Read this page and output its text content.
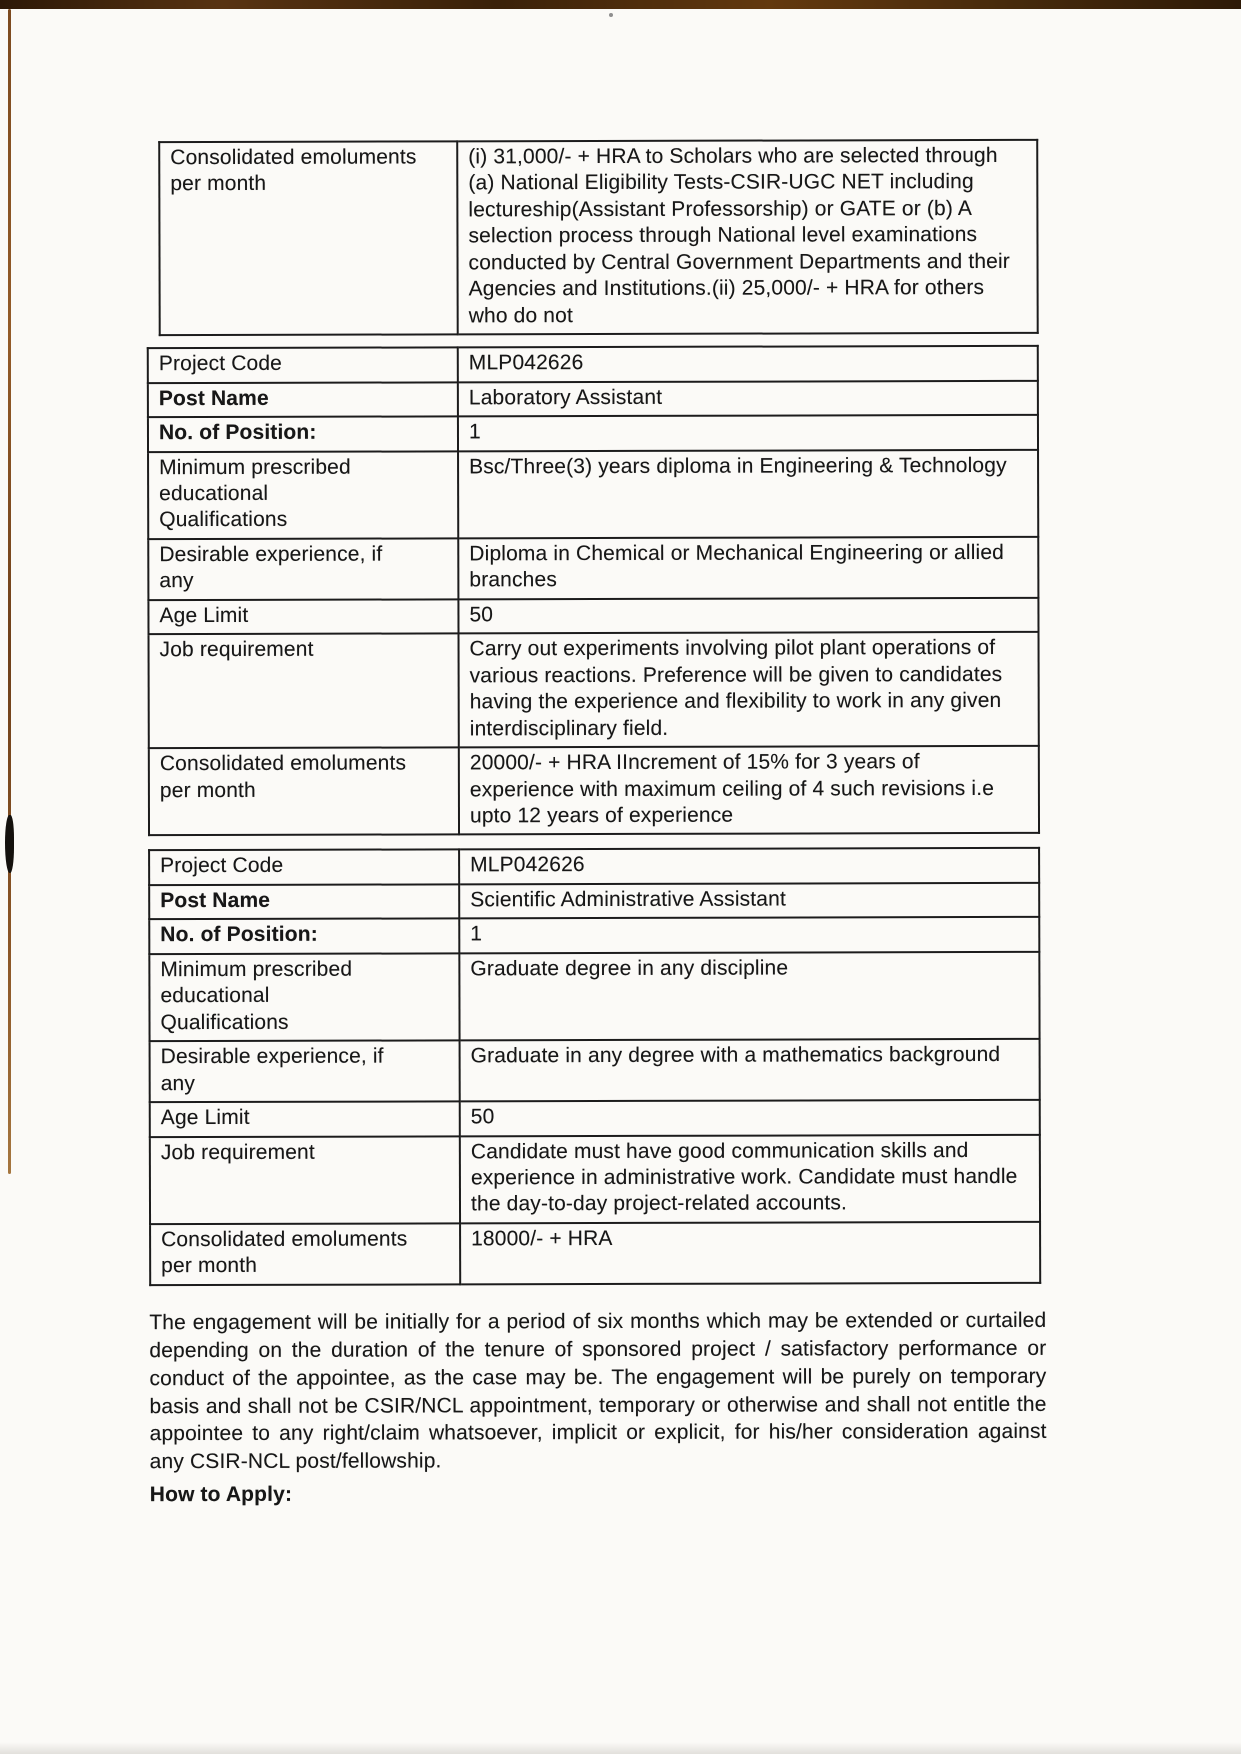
Consolidated emoluments
per month	(i) 31,000/- + HRA to Scholars who are selected through (a) National Eligibility Tests-CSIR-UGC NET including lectureship(Assistant Professorship) or GATE or (b) A selection process through National level examinations conducted by Central Government Departments and their Agencies and Institutions.(ii) 25,000/- + HRA for others who do not
Project Code	MLP042626
Post Name	Laboratory Assistant
No. of Position:	1
Minimum prescribed
educational
Qualifications	Bsc/Three(3) years diploma in Engineering & Technology
Desirable experience, if
any	Diploma in Chemical or Mechanical Engineering or allied branches
Age Limit	50
Job requirement	Carry out experiments involving pilot plant operations of various reactions. Preference will be given to candidates having the experience and flexibility to work in any given interdisciplinary field.
Consolidated emoluments
per month	20000/- + HRA IIncrement of 15% for 3 years of experience with maximum ceiling of 4 such revisions i.e upto 12 years of experience
Project Code	MLP042626
Post Name	Scientific Administrative Assistant
No. of Position:	1
Minimum prescribed
educational
Qualifications	Graduate degree in any discipline
Desirable experience, if
any	Graduate in any degree with a mathematics background
Age Limit	50
Job requirement	Candidate must have good communication skills and experience in administrative work. Candidate must handle the day-to-day project-related accounts.
Consolidated emoluments
per month	18000/- + HRA

The engagement will be initially for a period of six months which may be extended or curtailed depending on the duration of the tenure of sponsored project / satisfactory performance or conduct of the appointee, as the case may be. The engagement will be purely on temporary basis and shall not be CSIR/NCL appointment, temporary or otherwise and shall not entitle the appointee to any right/claim whatsoever, implicit or explicit, for his/her consideration against any CSIR-NCL post/fellowship.

How to Apply:
